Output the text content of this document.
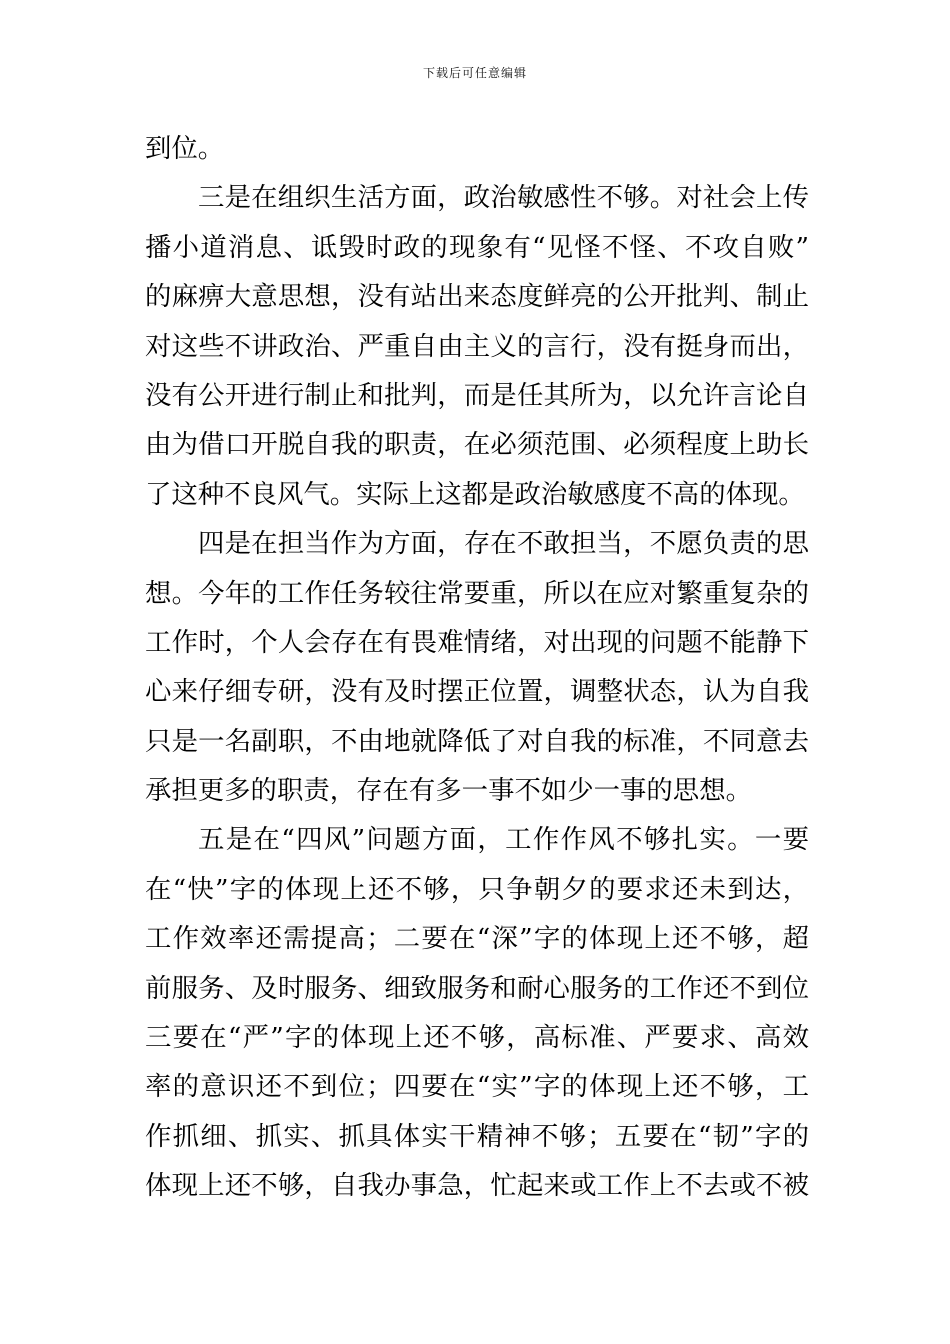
下载后可任意编辑
到位。
三是在组织生活方面，政治敏感性不够。对社会上传
播小道消息、诋毁时政的现象有“见怪不怪、不攻自败”
的麻痹大意思想，没有站出来态度鲜亮的公开批判、制止
对这些不讲政治、严重自由主义的言行，没有挺身而出，
没有公开进行制止和批判，而是任其所为，以允许言论自
由为借口开脱自我的职责，在必须范围、必须程度上助长
了这种不良风气。实际上这都是政治敏感度不高的体现。
四是在担当作为方面，存在不敢担当，不愿负责的思
想。今年的工作任务较往常要重，所以在应对繁重复杂的
工作时，个人会存在有畏难情绪，对出现的问题不能静下
心来仔细专研，没有及时摆正位置，调整状态，认为自我
只是一名副职，不由地就降低了对自我的标准，不同意去
承担更多的职责，存在有多一事不如少一事的思想。
五是在“四风”问题方面，工作作风不够扎实。一要
在“快”字的体现上还不够，只争朝夕的要求还未到达，
工作效率还需提高；二要在“深”字的体现上还不够，超
前服务、及时服务、细致服务和耐心服务的工作还不到位
三要在“严”字的体现上还不够，高标准、严要求、高效
率的意识还不到位；四要在“实”字的体现上还不够，工
作抓细、抓实、抓具体实干精神不够；五要在“韧”字的
体现上还不够，自我办事急，忙起来或工作上不去或不被
